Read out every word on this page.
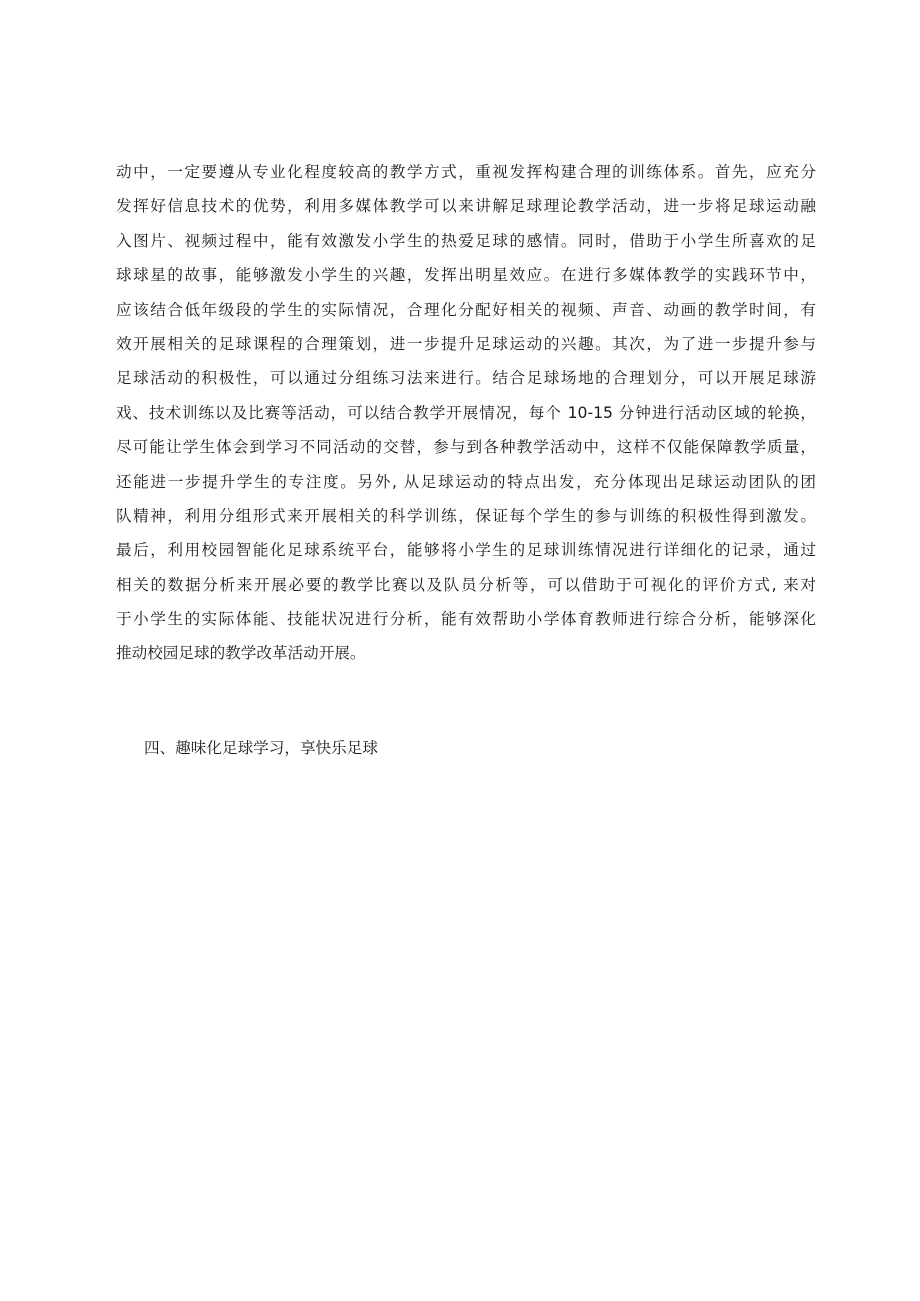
动中，一定要遵从专业化程度较高的教学方式，重视发挥构建合理的训练体系。首先，应充分
发挥好信息技术的优势，利用多媒体教学可以来讲解足球理论教学活动，进一步将足球运动融
入图片、视频过程中，能有效激发小学生的热爱足球的感情。同时，借助于小学生所喜欢的足
球球星的故事，能够激发小学生的兴趣，发挥出明星效应。在进行多媒体教学的实践环节中，
应该结合低年级段的学生的实际情况，合理化分配好相关的视频、声音、动画的教学时间，有
效开展相关的足球课程的合理策划，进一步提升足球运动的兴趣。其次，为了进一步提升参与
足球活动的积极性，可以通过分组练习法来进行。结合足球场地的合理划分，可以开展足球游
戏、技术训练以及比赛等活动，可以结合教学开展情况，每个 10-15 分钟进行活动区域的轮换，
尽可能让学生体会到学习不同活动的交替，参与到各种教学活动中，这样不仅能保障教学质量，
还能进一步提升学生的专注度。另外, 从足球运动的特点出发，充分体现出足球运动团队的团
队精神，利用分组形式来开展相关的科学训练，保证每个学生的参与训练的积极性得到激发。
最后，利用校园智能化足球系统平台，能够将小学生的足球训练情况进行详细化的记录，通过
相关的数据分析来开展必要的教学比赛以及队员分析等，可以借助于可视化的评价方式, 来对
于小学生的实际体能、技能状况进行分析，能有效帮助小学体育教师进行综合分析，能够深化
推动校园足球的教学改革活动开展。
四、趣味化足球学习，享快乐足球
